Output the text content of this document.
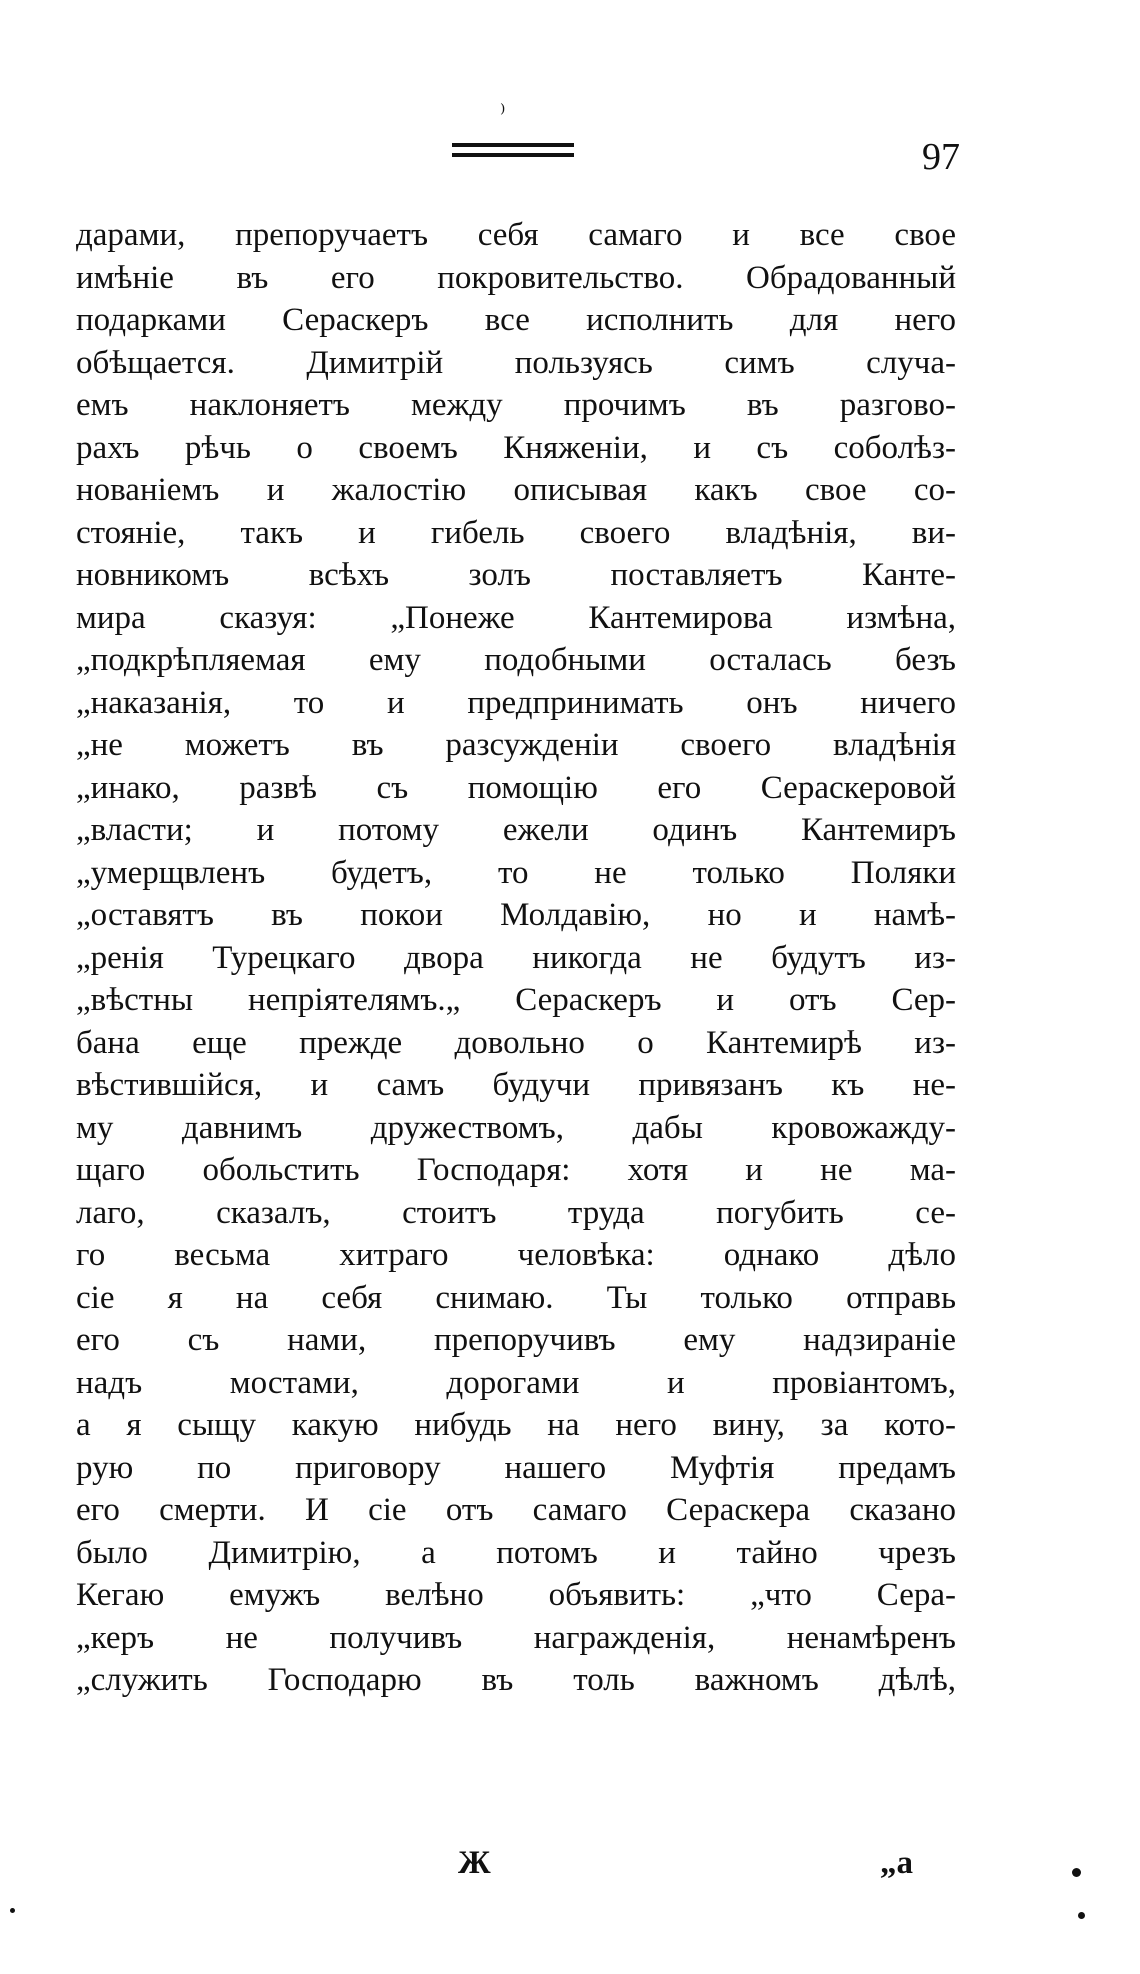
⁾
97
дарами, препоручаетъ себя самаго и все свое
имѣніе въ его покровительство. Обрадованный
подарками Сераскеръ все исполнить для него
обѣщается. Димитрій пользуясь симъ случа-
емъ наклоняетъ между прочимъ въ разгово-
рахъ рѣчь о своемъ Княженіи, и съ соболѣз-
нованіемъ и жалостію описывая какъ свое со-
стояніе, такъ и гибель своего владѣнія, ви-
новникомъ всѣхъ золъ поставляетъ Канте-
мира сказуя: „Понеже Кантемирова измѣна,
„подкрѣпляемая ему подобными осталась безъ
„наказанія, то и предпринимать онъ ничего
„не можетъ въ разсужденіи своего владѣнія
„инако, развѣ съ помощію его Сераскеровой
„власти; и потому ежели одинъ Кантемиръ
„умерщвленъ будетъ, то не только Поляки
„оставятъ въ покои Молдавію, но и намѣ-
„ренія Турецкаго двора никогда не будутъ из-
„вѣстны непріятелямъ.„ Сераскеръ и отъ Сер-
бана еще прежде довольно о Кантемирѣ из-
вѣстившійся, и самъ будучи привязанъ къ не-
му давнимъ дружествомъ, дабы кровожажду-
щаго обольстить Господаря: хотя и не ма-
лаго, сказалъ, стоитъ труда погубить се-
го весьма хитраго человѣка: однако дѣло
сіе я на себя снимаю. Ты только отправь
его съ нами, препоручивъ ему надзираніе
надъ мостами, дорогами и провіантомъ,
а я сыщу какую нибудь на него вину, за кото-
рую по приговору нашего Муфтія предамъ
его смерти. И сіе отъ самаго Сераскера сказано
было Димитрію, а потомъ и тайно чрезъ
Кегаю емужъ велѣно объявить: „что Сера-
„керъ не получивъ награжденія, ненамѣренъ
„служить Господарю въ толь важномъ дѣлѣ,
Ж	„а
